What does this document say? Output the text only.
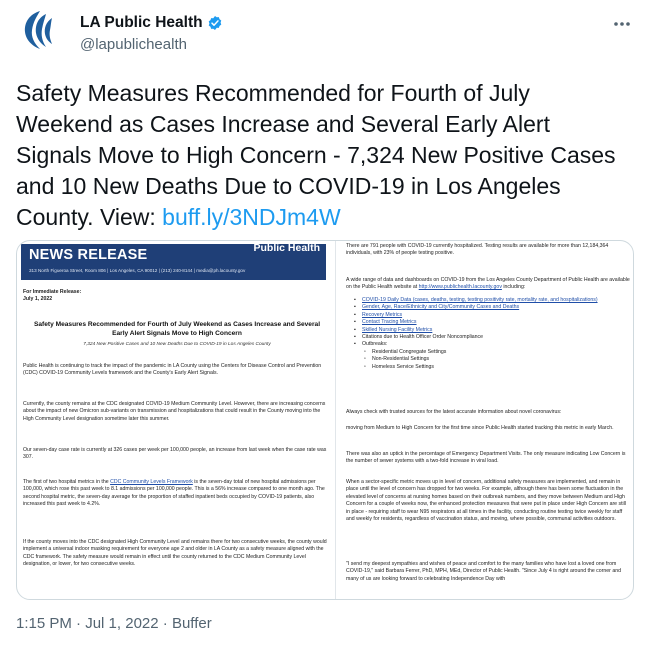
LA Public Health
@lapublichealth
Safety Measures Recommended for Fourth of July Weekend as Cases Increase and Several Early Alert Signals Move to High Concern - 7,324 New Positive Cases and 10 New Deaths Due to COVID-19 in Los Angeles County. View: buff.ly/3NDJm4W
NEWS RELEASE	Public Health
313 North Figueroa Street, Room 806 | Los Angeles, CA 90012 | (213) 240-8144 | media@ph.lacounty.gov
For Immediate Release:
July 1, 2022
Safety Measures Recommended for Fourth of July Weekend as Cases Increase and Several Early Alert Signals Move to High Concern
7,324 New Positive Cases and 10 New Deaths Due to COVID-19 in Los Angeles County
Public Health is continuing to track the impact of the pandemic in LA County using the Centers for Disease Control and Prevention (CDC) COVID-19 Community Levels framework and the County's Early Alert Signals.
Currently, the county remains at the CDC designated COVID-19 Medium Community Level. However, there are increasing concerns about the impact of new Omicron sub-variants on transmission and hospitalizations that could result in the County moving into the High Community Level designation sometime later this summer.
Our seven-day case rate is currently at 326 cases per week per 100,000 people, an increase from last week when the case rate was 307.
The first of two hospital metrics in the CDC Community Levels Framework is the seven-day total of new hospital admissions per 100,000, which rose this past week to 8.1 admissions per 100,000 people. This is a 56% increase compared to one month ago. The second hospital metric, the seven-day average for the proportion of staffed inpatient beds occupied by COVID-19 patients, also increased this past week to 4.2%.
If the county moves into the CDC designated High Community Level and remains there for two consecutive weeks, the county would implement a universal indoor masking requirement for everyone age 2 and older in LA County as a safety measure aligned with the CDC framework. The safety measure would remain in effect until the county returned to the CDC Medium Community Level designation, or lower, for two consecutive weeks.
There are 791 people with COVID-19 currently hospitalized. Testing results are available for more than 12,184,364 individuals, with 23% of people testing positive.
A wide range of data and dashboards on COVID-19 from the Los Angeles County Department of Public Health are available on the Public Health website at http://www.publichealth.lacounty.gov including:
▪ COVID-19 Daily Data (cases, deaths, testing, testing positivity rate, mortality rate, and hospitalizations)
▪ Gender, Age, Race/Ethnicity and City/Community Cases and Deaths
▪ Recovery Metrics
▪ Contact Tracing Metrics
▪ Skilled Nursing Facility Metrics
▪ Citations due to Health Officer Order Noncompliance
▪ Outbreaks:
▫ Residential Congregate Settings
▫ Non-Residential Settings
▫ Homeless Service Settings
Always check with trusted sources for the latest accurate information about novel coronavirus:
moving from Medium to High Concern for the first time since Public Health started tracking this metric in early March.
There was also an uptick in the percentage of Emergency Department Visits. The only measure indicating Low Concern is the number of sewer systems with a two-fold increase in viral load.
When a sector-specific metric moves up in level of concern, additional safety measures are implemented, and remain in place until the level of concern has dropped for two weeks. For example, although there has been some fluctuation in the elevated level of concerns at nursing homes based on their outbreak numbers, and they move between Medium and High Concern for a couple of weeks now, the enhanced protection measures that were put in place under High Concern are still in place - requiring staff to wear N95 respirators at all times in the facility, conducting routine testing twice weekly for staff and weekly for residents, regardless of vaccination status, and moving, where possible, communal activities outdoors.
"I send my deepest sympathies and wishes of peace and comfort to the many families who have lost a loved one from COVID-19," said Barbara Ferrer, PhD, MPH, MEd, Director of Public Health. "Since July 4 is right around the corner and many of us are looking forward to celebrating Independence Day with
1:15 PM · Jul 1, 2022 · Buffer
